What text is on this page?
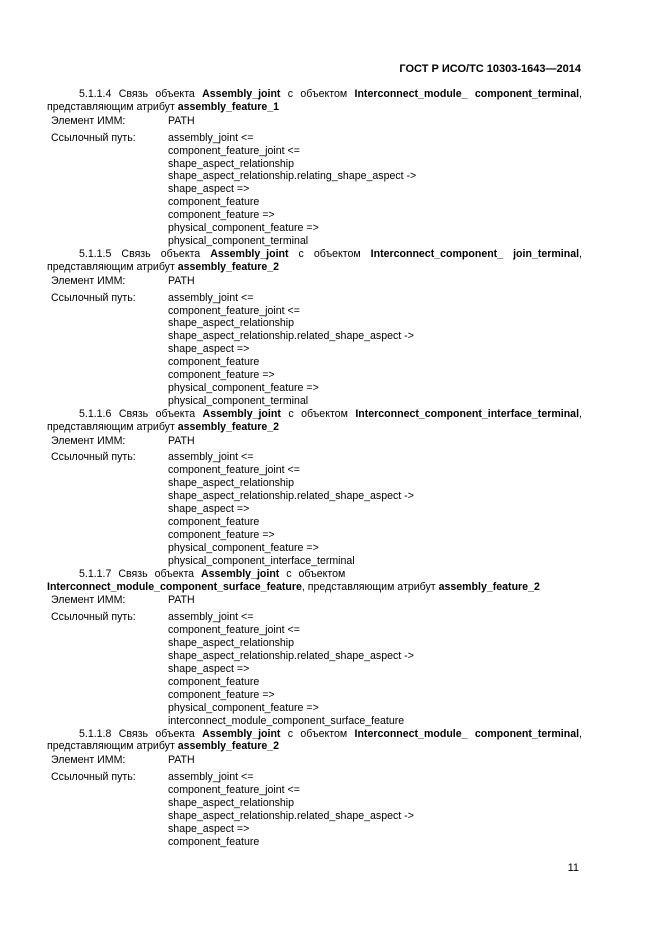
ГОСТ Р ИСО/ТС 10303-1643—2014
5.1.1.4 Связь объекта Assembly_joint с объектом Interconnect_module_ component_terminal,
представляющим атрибут assembly_feature_1
Элемент ИММ:	PATH
Ссылочный путь:	assembly_joint <=
component_feature_joint <=
shape_aspect_relationship
shape_aspect_relationship.relating_shape_aspect ->
shape_aspect =>
component_feature
component_feature =>
physical_component_feature =>
physical_component_terminal
5.1.1.5 Связь объекта Assembly_joint с объектом Interconnect_component_ join_terminal,
представляющим атрибут assembly_feature_2
Элемент ИММ:	PATH
Ссылочный путь:	assembly_joint <=
component_feature_joint <=
shape_aspect_relationship
shape_aspect_relationship.related_shape_aspect ->
shape_aspect =>
component_feature
component_feature =>
physical_component_feature =>
physical_component_terminal
5.1.1.6 Связь объекта Assembly_joint с объектом Interconnect_component_interface_terminal,
представляющим атрибут assembly_feature_2
Элемент ИММ:	PATH
Ссылочный путь:	assembly_joint <=
component_feature_joint <=
shape_aspect_relationship
shape_aspect_relationship.related_shape_aspect ->
shape_aspect =>
component_feature
component_feature =>
physical_component_feature =>
physical_component_interface_terminal
5.1.1.7 Связь объекта Assembly_joint с объектом
Interconnect_module_component_surface_feature, представляющим атрибут assembly_feature_2
Элемент ИММ:	PATH
Ссылочный путь:	assembly_joint <=
component_feature_joint <=
shape_aspect_relationship
shape_aspect_relationship.related_shape_aspect ->
shape_aspect =>
component_feature
component_feature =>
physical_component_feature =>
interconnect_module_component_surface_feature
5.1.1.8 Связь объекта Assembly_joint с объектом Interconnect_module_ component_terminal,
представляющим атрибут assembly_feature_2
Элемент ИММ:	PATH
Ссылочный путь:	assembly_joint <=
component_feature_joint <=
shape_aspect_relationship
shape_aspect_relationship.related_shape_aspect ->
shape_aspect =>
component_feature
11
